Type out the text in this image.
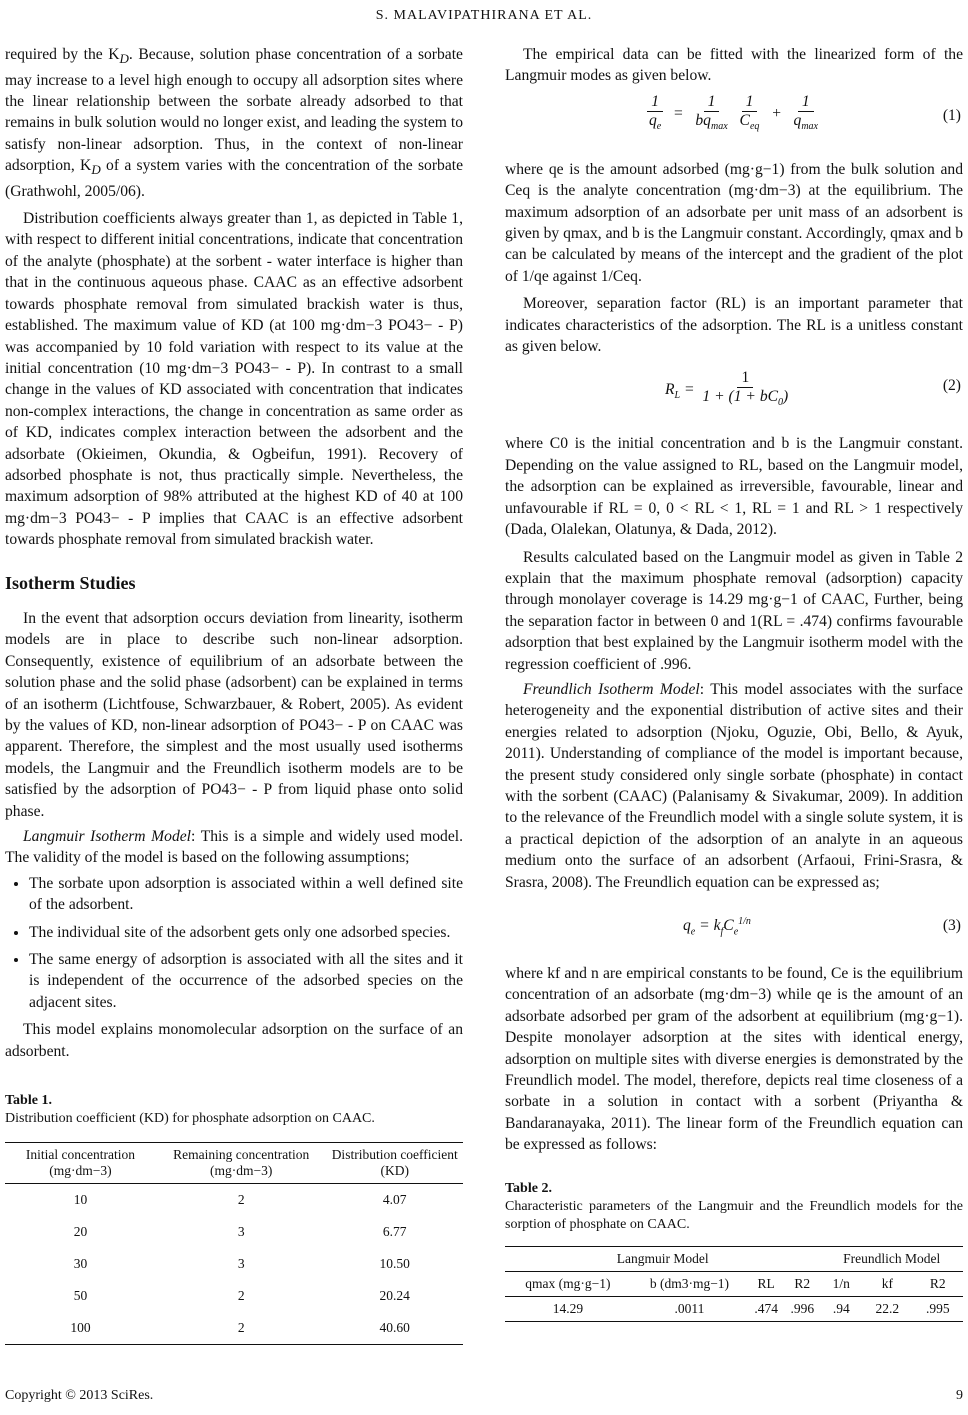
S. MALAVIPATHIRANA ET AL.

required by the $K_D$. Because, solution phase concentration of a sorbate may increase to a level high enough to occupy all adsorption sites where the linear relationship between the sorbate already adsorbed to that remains in bulk solution would no longer exist, and leading the system to satisfy non-linear adsorption. Thus, in the context of non-linear adsorption, $K_D$ of a system varies with the concentration of the sorbate (Grathwohl, 2005/06).

Distribution coefficients always greater than 1, as depicted in Table 1, with respect to different initial concentrations, indicate that concentration of the analyte (phosphate) at the sorbent - water interface is higher than that in the continuous aqueous phase. CAAC as an effective adsorbent towards phosphate removal from simulated brackish water is thus, established. The maximum value of KD (at 100 mg·dm−3 PO43− - P) was accompanied by 10 fold variation with respect to its value at the initial concentration (10 mg·dm−3 PO43− - P). In contrast to a small change in the values of KD associated with concentration that indicates non-complex interactions, the change in concentration as same order as of KD, indicates complex interaction between the adsorbent and the adsorbate (Okieimen, Okundia, & Ogbeifun, 1991). Recovery of adsorbed phosphate is not, thus practically simple. Nevertheless, the maximum adsorption of 98% attributed at the highest KD of 40 at 100 mg·dm−3 PO43− - P implies that CAAC is an effective adsorbent towards phosphate removal from simulated brackish water.

Isotherm Studies

In the event that adsorption occurs deviation from linearity, isotherm models are in place to describe such non-linear adsorption. Consequently, existence of equilibrium of an adsorbate between the solution phase and the solid phase (adsorbent) can be explained in terms of an isotherm (Lichtfouse, Schwarzbauer, & Robert, 2005). As evident by the values of KD, non-linear adsorption of PO43− - P on CAAC was apparent. Therefore, the simplest and the most usually used isotherms models, the Langmuir and the Freundlich isotherm models are to be satisfied by the adsorption of PO43− - P from liquid phase onto solid phase.

Langmuir Isotherm Model: This is a simple and widely used model. The validity of the model is based on the following assumptions;

• The sorbate upon adsorption is associated within a well defined site of the adsorbent.
• The individual site of the adsorbent gets only one adsorbed species.
• The same energy of adsorption is associated with all the sites and it is independent of the occurrence of the adsorbed species on the adjacent sites.

This model explains monomolecular adsorption on the surface of an adsorbent.

Table 1.
Distribution coefficient (KD) for phosphate adsorption on CAAC.
Initial concentration (mg·dm−3)	Remaining concentration (mg·dm−3)	Distribution coefficient (KD)
10	2	4.07
20	3	6.77
30	3	10.50
50	2	20.24
100	2	40.60

The empirical data can be fitted with the linearized form of the Langmuir modes as given below.

$\frac{1}{q_e} = \frac{1}{bq_{max}}$
$\frac{1}{C_{eq}} + \frac{1}{q_{max}}$	(1)

where qe is the amount adsorbed (mg·g−1) from the bulk solution and Ceq is the analyte concentration (mg·dm−3) at the equilibrium. The maximum adsorption of an adsorbate per unit mass of an adsorbent is given by qmax, and b is the Langmuir constant. Accordingly, qmax and b can be calculated by means of the intercept and the gradient of the plot of 1/qe against 1/Ceq.

Moreover, separation factor (RL) is an important parameter that indicates characteristics of the adsorption. The RL is a unitless constant as given below.

$R_L = \frac{1}{1 + (1 + bC_0)}$	(2)

where C0 is the initial concentration and b is the Langmuir constant. Depending on the value assigned to RL, based on the Langmuir model, the adsorption can be explained as irreversible, favourable, linear and unfavourable if RL = 0, 0 < RL < 1, RL = 1 and RL > 1 respectively (Dada, Olalekan, Olatunya, & Dada, 2012).

Results calculated based on the Langmuir model as given in Table 2 explain that the maximum phosphate removal (adsorption) capacity through monolayer coverage is 14.29 mg·g−1 of CAAC, Further, being the separation factor in between 0 and 1(RL = .474) confirms favourable adsorption that best explained by the Langmuir isotherm model with the regression coefficient of .996.

Freundlich Isotherm Model: This model associates with the surface heterogeneity and the exponential distribution of active sites and their energies related to adsorption (Njoku, Oguzie, Obi, Bello, & Ayuk, 2011). Understanding of compliance of the model is important because, the present study considered only single sorbate (phosphate) in contact with the sorbent (CAAC) (Palanisamy & Sivakumar, 2009). In addition to the relevance of the Freundlich model with a single solute system, it is a practical depiction of the adsorption of an analyte in an aqueous medium onto the surface of an adsorbent (Arfaoui, Frini-Srasra, & Srasra, 2008). The Freundlich equation can be expressed as;

$q_e = k_fC_e^{1/n}$	(3)

where kf and n are empirical constants to be found, Ce is the equilibrium concentration of an adsorbate (mg·dm−3) while qe is the amount of an adsorbate adsorbed per gram of the adsorbent at equilibrium (mg·g−1). Despite monolayer adsorption at the sites with identical energy, adsorption on multiple sites with diverse energies is demonstrated by the Freundlich model. The model, therefore, depicts real time closeness of a sorbate in a solution in contact with a sorbent (Priyantha & Bandaranayaka, 2011). The linear form of the Freundlich equation can be expressed as follows:

Table 2.
Characteristic parameters of the Langmuir and the Freundlich models for the sorption of phosphate on CAAC.
Langmuir Model				Freundlich Model		
qmax (mg·g−1)	b (dm3·mg−1)	RL	R2	1/n	kf	R2
14.29	.0011	.474	.996	.94	22.2	.995
Copyright © 2013 SciRes.	9
